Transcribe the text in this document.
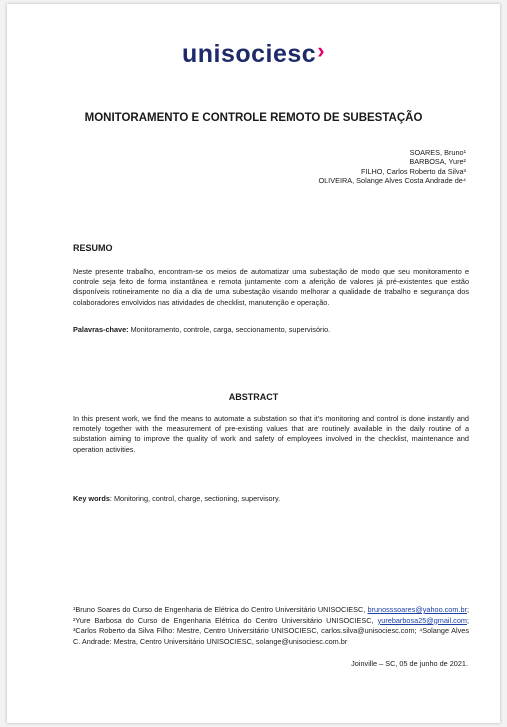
unisociesc›
MONITORAMENTO E CONTROLE REMOTO DE SUBESTAÇÃO
SOARES, Bruno¹
BARBOSA, Yure²
FILHO, Carlos Roberto da Silva³
OLIVEIRA, Solange Alves Costa Andrade de⁴
RESUMO
Neste presente trabalho, encontram-se os meios de automatizar uma subestação de modo que seu monitoramento e controle seja feito de forma instantânea e remota juntamente com a aferição de valores já pré-existentes que estão disponíveis rotineiramente no dia a dia de uma subestação visando melhorar a qualidade de trabalho e segurança dos colaboradores envolvidos nas atividades de checklist, manutenção e operação.
Palavras-chave: Monitoramento, controle, carga, seccionamento, supervisório.
ABSTRACT
In this present work, we find the means to automate a substation so that it's monitoring and control is done instantly and remotely together with the measurement of pre-existing values that are routinely available in the daily routine of a substation aiming to improve the quality of work and safety of employees involved in the checklist, maintenance and operation activities.
Key words: Monitoring, control, charge, sectioning, supervisory.
¹Bruno Soares do Curso de Engenharia de Elétrica do Centro Universitário UNISOCIESC, brunosssoares@yahoo.com.br; ²Yure Barbosa do Curso de Engenharia Elétrica do Centro Universitário UNISOCIESC, yurebarbosa25@gmail.com; ³Carlos Roberto da Silva Filho: Mestre, Centro Universitário UNISOCIESC, carlos.silva@unisociesc.com; ⁴Solange Alves C. Andrade: Mestra, Centro Universitário UNISOCIESC, solange@unisociesc.com.br
Joinville – SC, 05 de junho de 2021.
